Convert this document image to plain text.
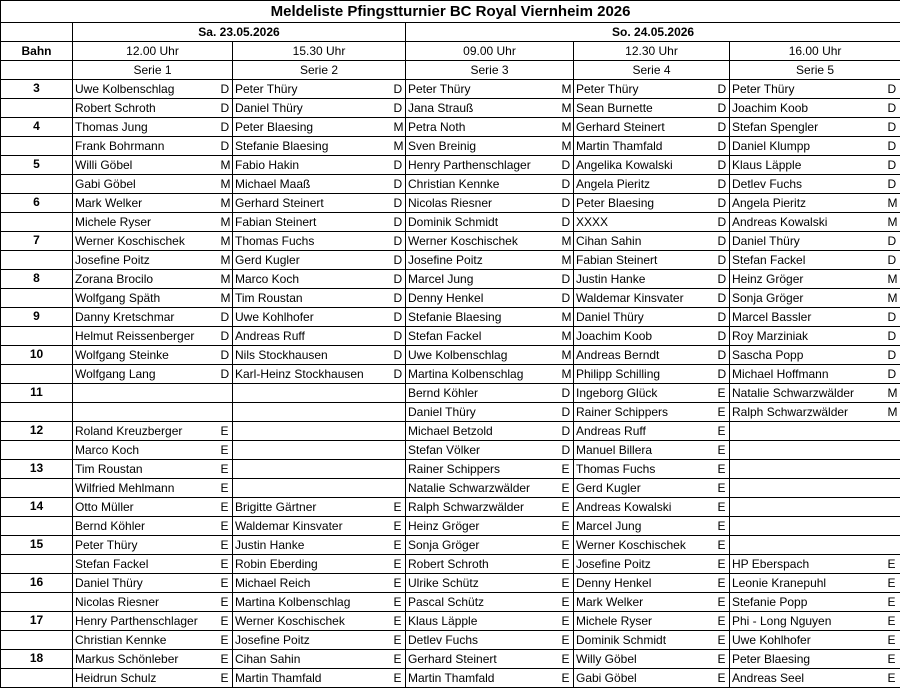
Meldeliste Pfingstturnier BC Royal Viernheim 2026										
	Sa. 23.05.2026				So. 24.05.2026					
Bahn	12.00 Uhr		15.30 Uhr		09.00 Uhr		12.30 Uhr		16.00 Uhr	
	Serie 1		Serie 2		Serie 3		Serie 4		Serie 5	
3	Uwe Kolbenschlag	D	Peter Thüry	D	Peter Thüry	M	Peter Thüry	D	Peter Thüry	D
	Robert Schroth	D	Daniel Thüry	D	Jana Strauß	M	Sean Burnette	D	Joachim Koob	D
4	Thomas Jung	D	Peter Blaesing	M	Petra Noth	M	Gerhard Steinert	D	Stefan Spengler	D
	Frank Bohrmann	D	Stefanie Blaesing	M	Sven Breinig	M	Martin Thamfald	D	Daniel Klumpp	D
5	Willi Göbel	M	Fabio Hakin	D	Henry Parthenschlager	D	Angelika Kowalski	D	Klaus Läpple	D
	Gabi Göbel	M	Michael Maaß	D	Christian Kennke	D	Angela Pieritz	D	Detlev Fuchs	D
6	Mark Welker	M	Gerhard Steinert	D	Nicolas Riesner	D	Peter Blaesing	D	Angela Pieritz	M
	Michele Ryser	M	Fabian Steinert	D	Dominik Schmidt	D	XXXX	D	Andreas Kowalski	M
7	Werner Koschischek	M	Thomas Fuchs	D	Werner Koschischek	M	Cihan Sahin	D	Daniel Thüry	D
	Josefine Poitz	M	Gerd Kugler	D	Josefine Poitz	M	Fabian Steinert	D	Stefan Fackel	D
8	Zorana Brocilo	M	Marco Koch	D	Marcel Jung	D	Justin Hanke	D	Heinz Gröger	M
	Wolfgang Späth	M	Tim Roustan	D	Denny Henkel	D	Waldemar Kinsvater	D	Sonja Gröger	M
9	Danny Kretschmar	D	Uwe Kohlhofer	D	Stefanie Blaesing	M	Daniel Thüry	D	Marcel Bassler	D
	Helmut Reissenberger	D	Andreas Ruff	D	Stefan Fackel	M	Joachim Koob	D	Roy Marziniak	D
10	Wolfgang Steinke	D	Nils Stockhausen	D	Uwe Kolbenschlag	M	Andreas Berndt	D	Sascha Popp	D
	Wolfgang Lang	D	Karl-Heinz Stockhausen	D	Martina Kolbenschlag	M	Philipp Schilling	D	Michael Hoffmann	D
11					Bernd Köhler	D	Ingeborg Glück	E	Natalie Schwarzwälder	M
					Daniel Thüry	D	Rainer Schippers	E	Ralph Schwarzwälder	M
12	Roland Kreuzberger	E			Michael Betzold	D	Andreas Ruff	E		
	Marco Koch	E			Stefan Völker	D	Manuel Billera	E		
13	Tim Roustan	E			Rainer Schippers	E	Thomas Fuchs	E		
	Wilfried Mehlmann	E			Natalie Schwarzwälder	E	Gerd Kugler	E		
14	Otto Müller	E	Brigitte Gärtner	E	Ralph Schwarzwälder	E	Andreas Kowalski	E		
	Bernd Köhler	E	Waldemar Kinsvater	E	Heinz Gröger	E	Marcel Jung	E		
15	Peter Thüry	E	Justin Hanke	E	Sonja Gröger	E	Werner Koschischek	E		
	Stefan Fackel	E	Robin Eberding	E	Robert Schroth	E	Josefine Poitz	E	HP Eberspach	E
16	Daniel Thüry	E	Michael Reich	E	Ulrike Schütz	E	Denny Henkel	E	Leonie Kranepuhl	E
	Nicolas Riesner	E	Martina Kolbenschlag	E	Pascal Schütz	E	Mark Welker	E	Stefanie Popp	E
17	Henry Parthenschlager	E	Werner Koschischek	E	Klaus Läpple	E	Michele Ryser	E	Phi - Long Nguyen	E
	Christian Kennke	E	Josefine Poitz	E	Detlev Fuchs	E	Dominik Schmidt	E	Uwe Kohlhofer	E
18	Markus Schönleber	E	Cihan Sahin	E	Gerhard Steinert	E	Willy Göbel	E	Peter Blaesing	E
	Heidrun Schulz	E	Martin Thamfald	E	Martin Thamfald	E	Gabi Göbel	E	Andreas Seel	E
